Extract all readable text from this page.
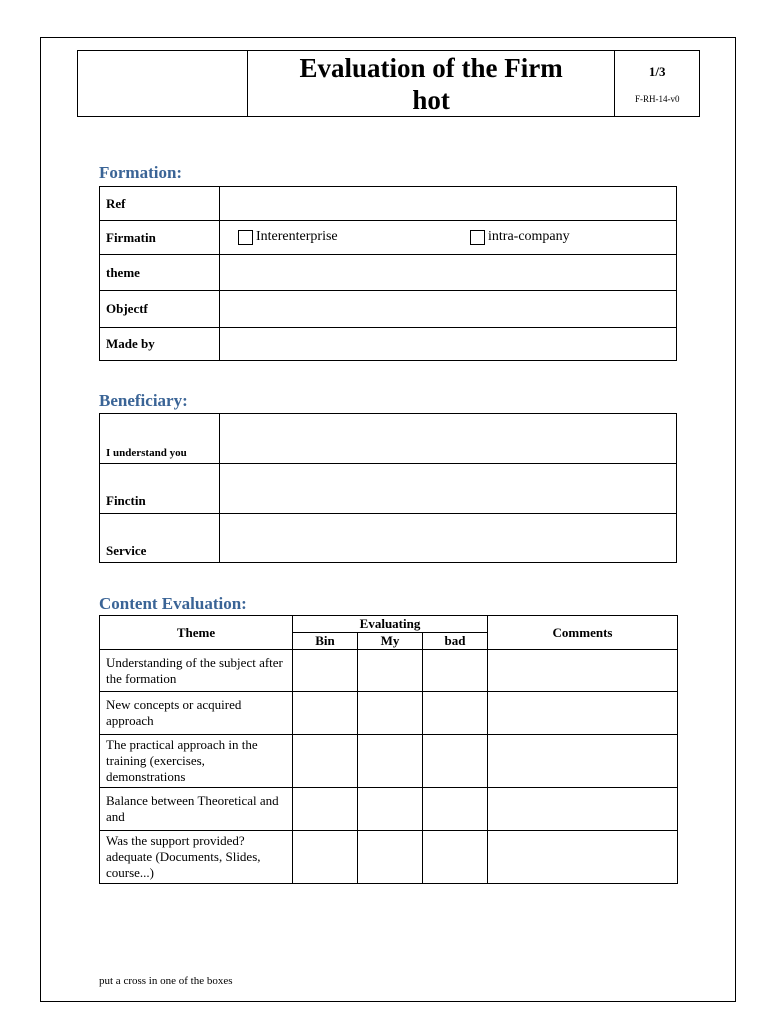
Evaluation of the Firm hot

1/3
F-RH-14-v0
Formation:
Ref	
Firmatin	Interenterprise intra-company

theme	
Objectf	
Made by	
Beneficiary:
I understand you	
Finctin	
Service	
Content Evaluation:
Theme	Evaluating			Comments
	Bin	My	bad	
Understanding of the subject after the formation				
New concepts or acquired approach				
The practical approach in the training (exercises, demonstrations				
Balance between Theoretical and and				
Was the support provided? adequate (Documents, Slides, course...)				

put a cross in one of the boxes
